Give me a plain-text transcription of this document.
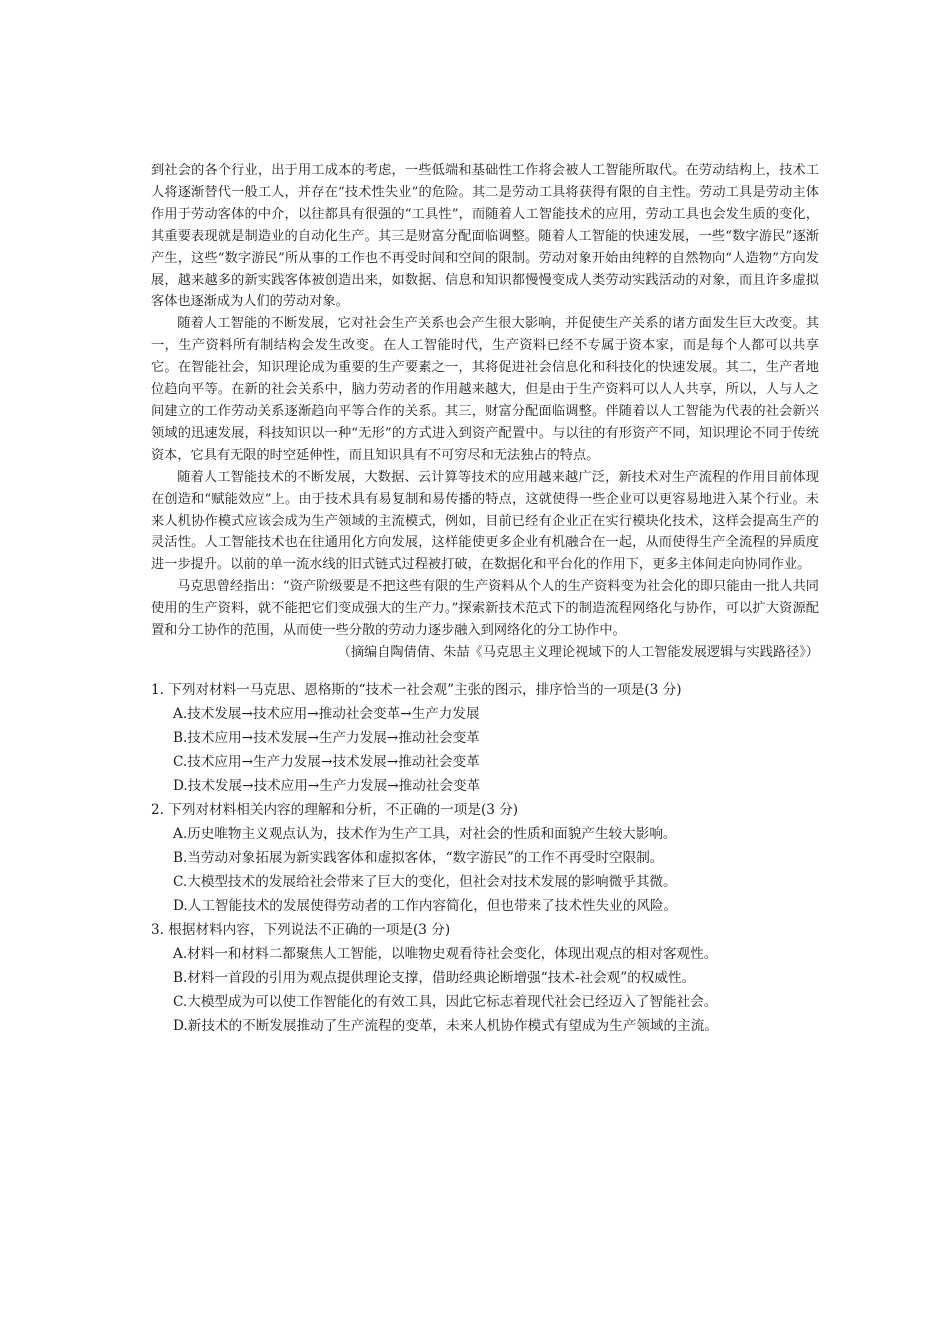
到社会的各个行业，出于用工成本的考虑，一些低端和基础性工作将会被人工智能所取代。在劳动结构上，技术工人将逐渐替代一般工人，并存在“技术性失业”的危险。其二是劳动工具将获得有限的自主性。劳动工具是劳动主体作用于劳动客体的中介，以往都具有很强的“工具性”，而随着人工智能技术的应用，劳动工具也会发生质的变化，其重要表现就是制造业的自动化生产。其三是财富分配面临调整。随着人工智能的快速发展，一些“数字游民”逐渐产生，这些“数字游民”所从事的工作也不再受时间和空间的限制。劳动对象开始由纯粹的自然物向“人造物”方向发展，越来越多的新实践客体被创造出来，如数据、信息和知识都慢慢变成人类劳动实践活动的对象，而且许多虚拟客体也逐渐成为人们的劳动对象。

随着人工智能的不断发展，它对社会生产关系也会产生很大影响，并促使生产关系的诸方面发生巨大改变。其一，生产资料所有制结构会发生改变。在人工智能时代，生产资料已经不专属于资本家，而是每个人都可以共享它。在智能社会，知识理论成为重要的生产要素之一，其将促进社会信息化和科技化的快速发展。其二，生产者地位趋向平等。在新的社会关系中，脑力劳动者的作用越来越大，但是由于生产资料可以人人共享，所以，人与人之间建立的工作劳动关系逐渐趋向平等合作的关系。其三，财富分配面临调整。伴随着以人工智能为代表的社会新兴领域的迅速发展，科技知识以一种“无形”的方式进入到资产配置中。与以往的有形资产不同，知识理论不同于传统资本，它具有无限的时空延伸性，而且知识具有不可穷尽和无法独占的特点。

随着人工智能技术的不断发展，大数据、云计算等技术的应用越来越广泛，新技术对生产流程的作用目前体现在创造和“赋能效应”上。由于技术具有易复制和易传播的特点，这就使得一些企业可以更容易地进入某个行业。未来人机协作模式应该会成为生产领域的主流模式，例如，目前已经有企业正在实行模块化技术，这样会提高生产的灵活性。人工智能技术也在往通用化方向发展，这样能使更多企业有机融合在一起，从而使得生产全流程的异质度进一步提升。以前的单一流水线的旧式链式过程被打破，在数据化和平台化的作用下，更多主体间走向协同作业。

马克思曾经指出：“资产阶级要是不把这些有限的生产资料从个人的生产资料变为社会化的即只能由一批人共同使用的生产资料，就不能把它们变成强大的生产力。”探索新技术范式下的制造流程网络化与协作，可以扩大资源配置和分工协作的范围，从而使一些分散的劳动力逐步融入到网络化的分工协作中。

（摘编自陶倩倩、朱喆《马克思主义理论视域下的人工智能发展逻辑与实践路径》）

1. 下列对材料一马克思、恩格斯的“技术一社会观”主张的图示，排序恰当的一项是(3 分)

A.技术发展→技术应用→推动社会变革→生产力发展

B.技术应用→技术发展→生产力发展→推动社会变革

C.技术应用→生产力发展→技术发展→推动社会变革

D.技术发展→技术应用→生产力发展→推动社会变革

2. 下列对材料相关内容的理解和分析，不正确的一项是(3 分)

A.历史唯物主义观点认为，技术作为生产工具，对社会的性质和面貌产生较大影响。

B.当劳动对象拓展为新实践客体和虚拟客体，“数字游民”的工作不再受时空限制。

C.大模型技术的发展给社会带来了巨大的变化，但社会对技术发展的影响微乎其微。

D.人工智能技术的发展使得劳动者的工作内容简化，但也带来了技术性失业的风险。

3. 根据材料内容，下列说法不正确的一项是(3 分)

A.材料一和材料二都聚焦人工智能，以唯物史观看待社会变化，体现出观点的相对客观性。

B.材料一首段的引用为观点提供理论支撑，借助经典论断增强“技术-社会观”的权威性。

C.大模型成为可以使工作智能化的有效工具，因此它标志着现代社会已经迈入了智能社会。

D.新技术的不断发展推动了生产流程的变革，未来人机协作模式有望成为生产领域的主流。
